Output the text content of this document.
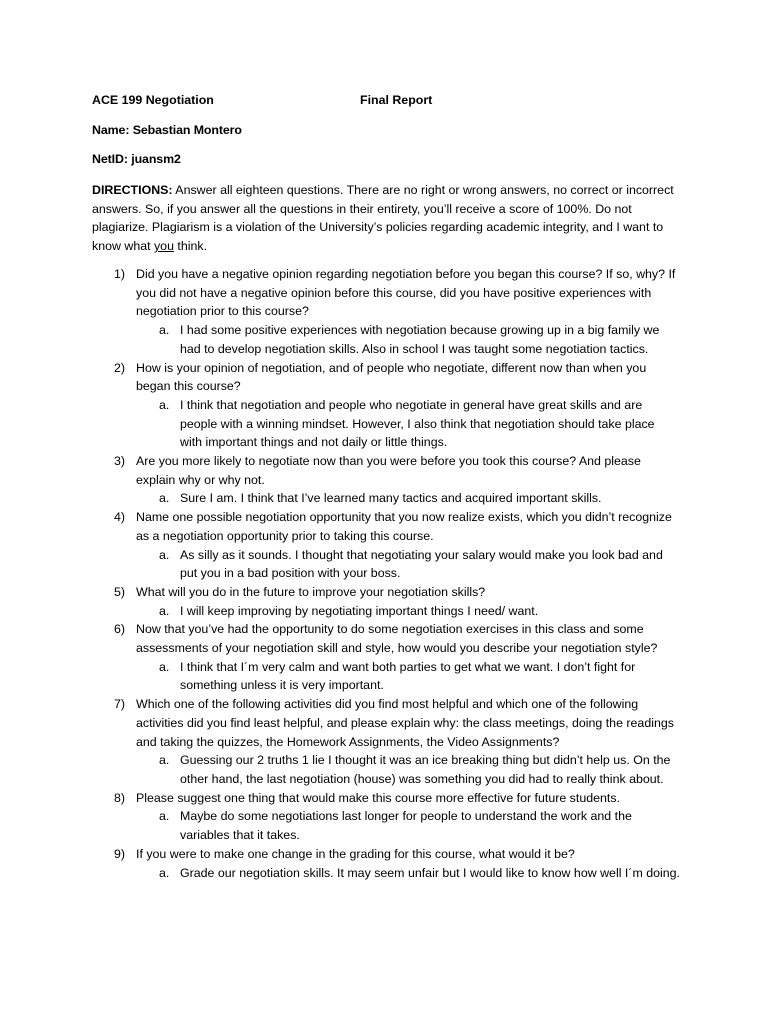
ACE 199 Negotiation	Final Report
Name: Sebastian Montero
NetID: juansm2
DIRECTIONS: Answer all eighteen questions. There are no right or wrong answers, no correct or incorrect answers. So, if you answer all the questions in their entirety, you’ll receive a score of 100%. Do not plagiarize. Plagiarism is a violation of the University’s policies regarding academic integrity, and I want to know what you think.
1) Did you have a negative opinion regarding negotiation before you began this course? If so, why? If you did not have a negative opinion before this course, did you have positive experiences with negotiation prior to this course?
a. I had some positive experiences with negotiation because growing up in a big family we had to develop negotiation skills. Also in school I was taught some negotiation tactics.
2) How is your opinion of negotiation, and of people who negotiate, different now than when you began this course?
a. I think that negotiation and people who negotiate in general have great skills and are people with a winning mindset. However, I also think that negotiation should take place with important things and not daily or little things.
3) Are you more likely to negotiate now than you were before you took this course? And please explain why or why not.
a. Sure I am. I think that I’ve learned many tactics and acquired important skills.
4) Name one possible negotiation opportunity that you now realize exists, which you didn’t recognize as a negotiation opportunity prior to taking this course.
a. As silly as it sounds. I thought that negotiating your salary would make you look bad and put you in a bad position with your boss.
5) What will you do in the future to improve your negotiation skills?
a. I will keep improving by negotiating important things I need/ want.
6) Now that you’ve had the opportunity to do some negotiation exercises in this class and some assessments of your negotiation skill and style, how would you describe your negotiation style?
a. I think that I´m very calm and want both parties to get what we want. I don’t fight for something unless it is very important.
7) Which one of the following activities did you find most helpful and which one of the following activities did you find least helpful, and please explain why: the class meetings, doing the readings and taking the quizzes, the Homework Assignments, the Video Assignments?
a. Guessing our 2 truths 1 lie I thought it was an ice breaking thing but didn’t help us. On the other hand, the last negotiation (house) was something you did had to really think about.
8) Please suggest one thing that would make this course more effective for future students.
a. Maybe do some negotiations last longer for people to understand the work and the variables that it takes.
9) If you were to make one change in the grading for this course, what would it be?
a. Grade our negotiation skills. It may seem unfair but I would like to know how well I´m doing.
